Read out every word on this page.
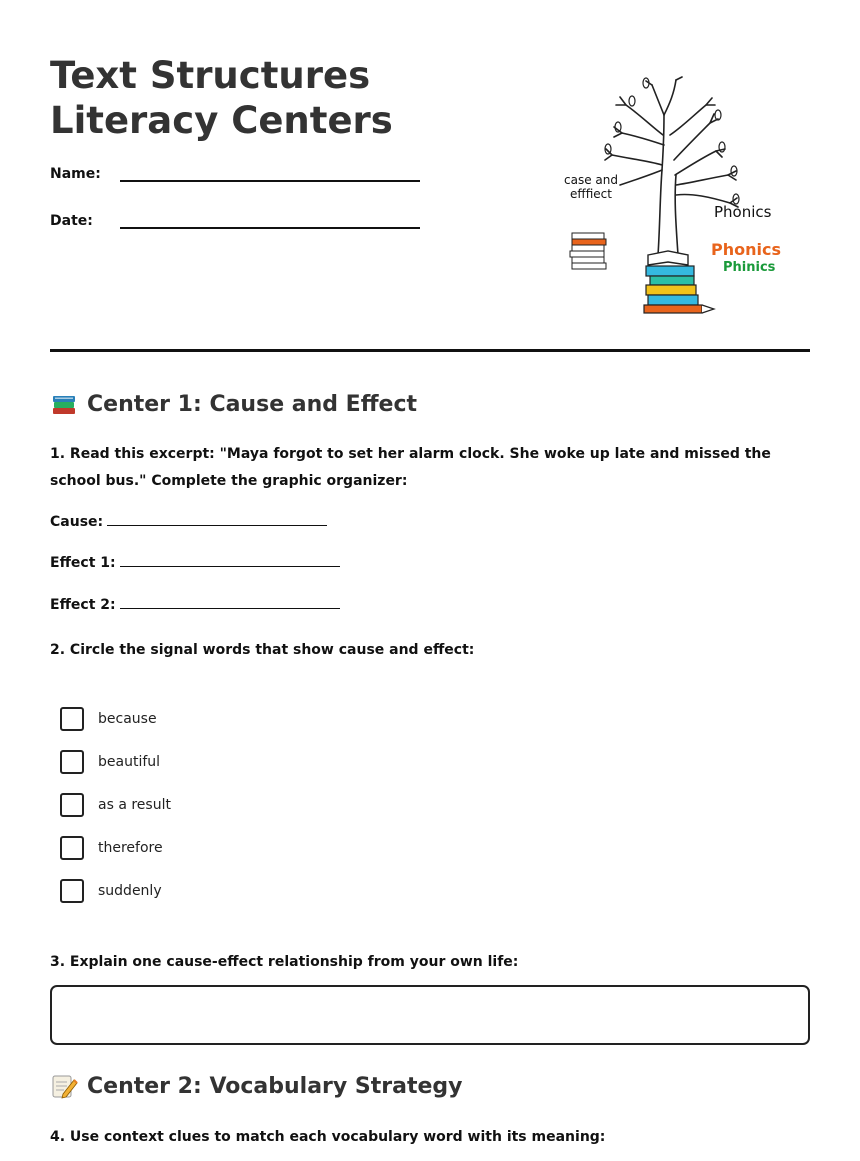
Text Structures Literacy Centers
Name:
Date:
case and efffiect
Phonics
Phonics
Phinics
Center 1: Cause and Effect
1. Read this excerpt: "Maya forgot to set her alarm clock. She woke up late and missed the school bus." Complete the graphic organizer:
Cause:
Effect 1:
Effect 2:
2. Circle the signal words that show cause and effect:
because
beautiful
as a result
therefore
suddenly
3. Explain one cause-effect relationship from your own life:
Center 2: Vocabulary Strategy
4. Use context clues to match each vocabulary word with its meaning:
